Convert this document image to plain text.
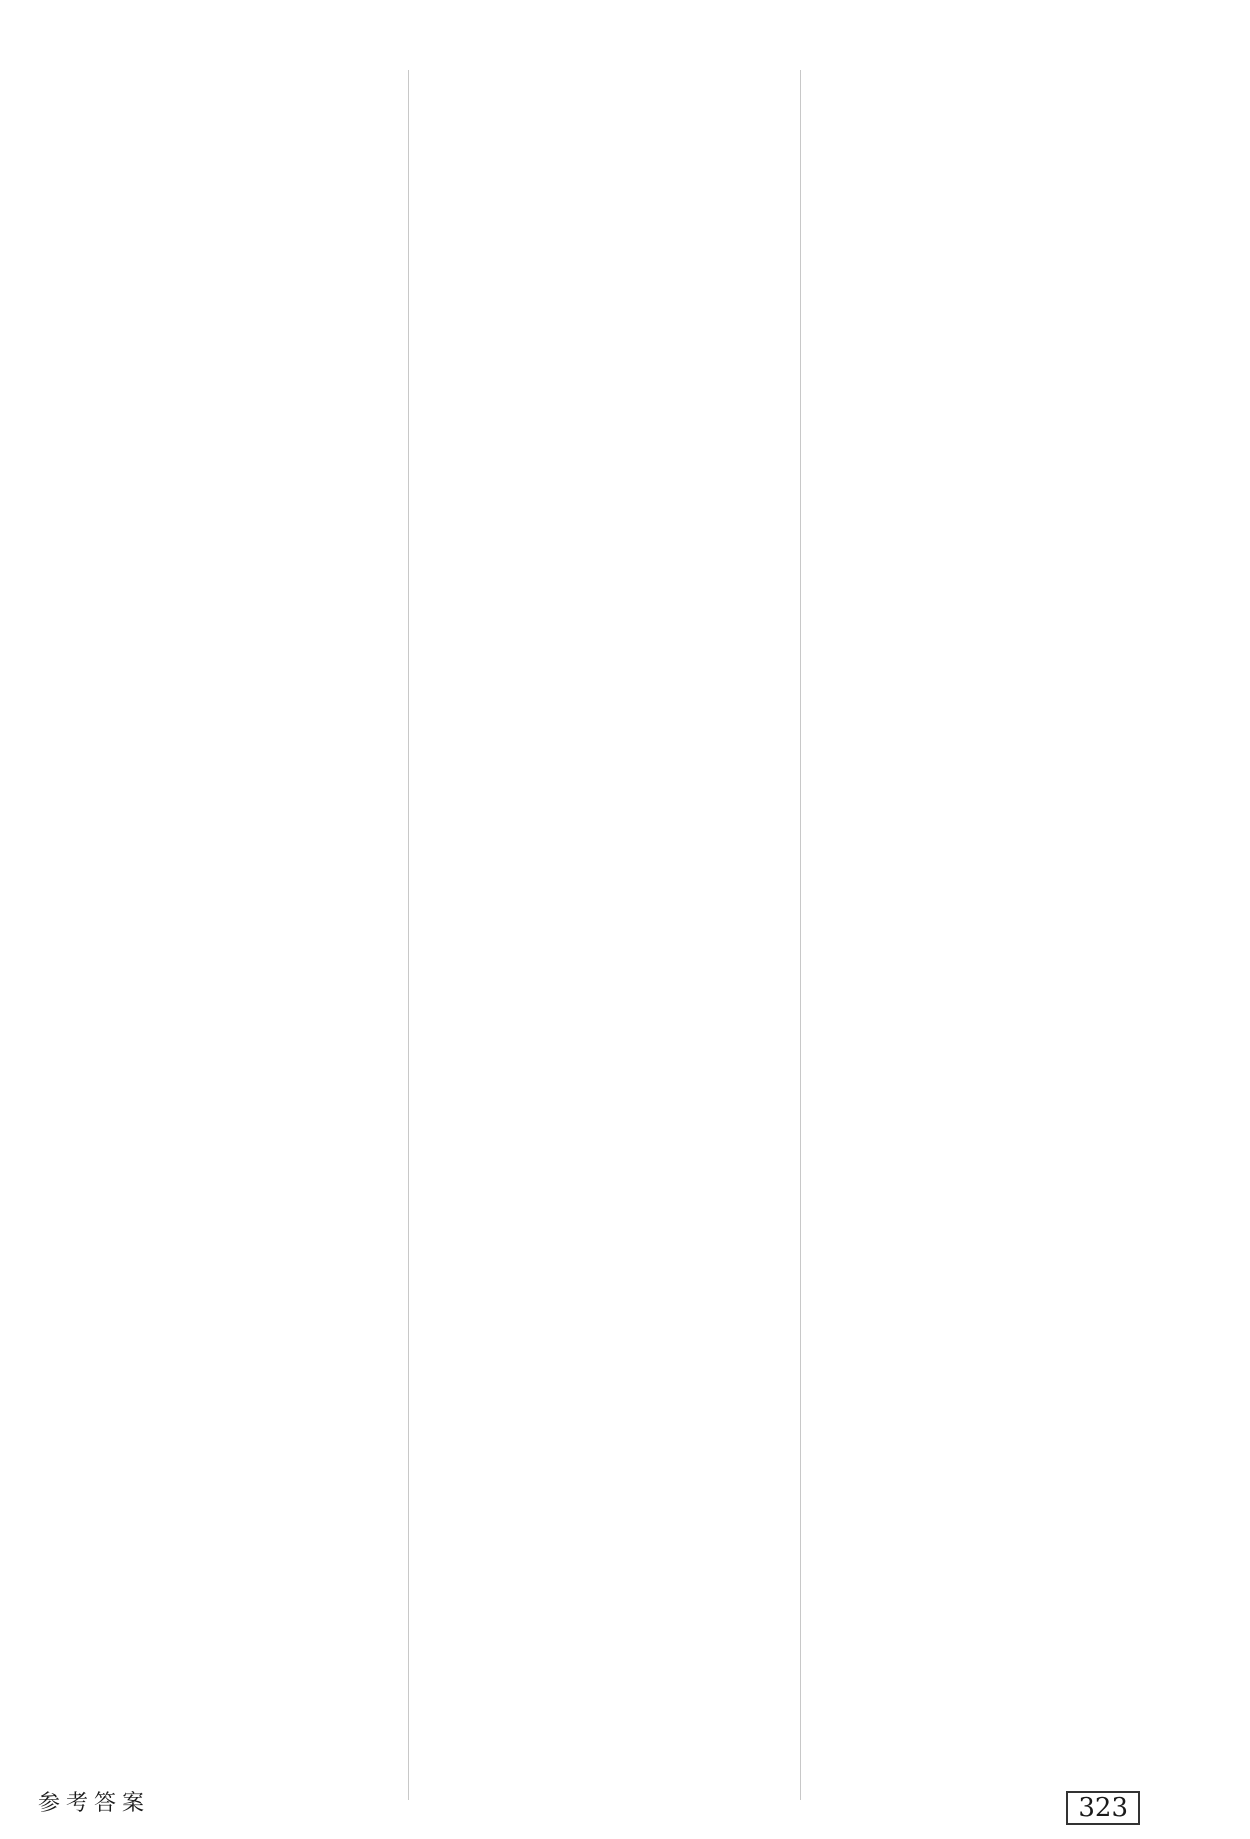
参考答案	323
